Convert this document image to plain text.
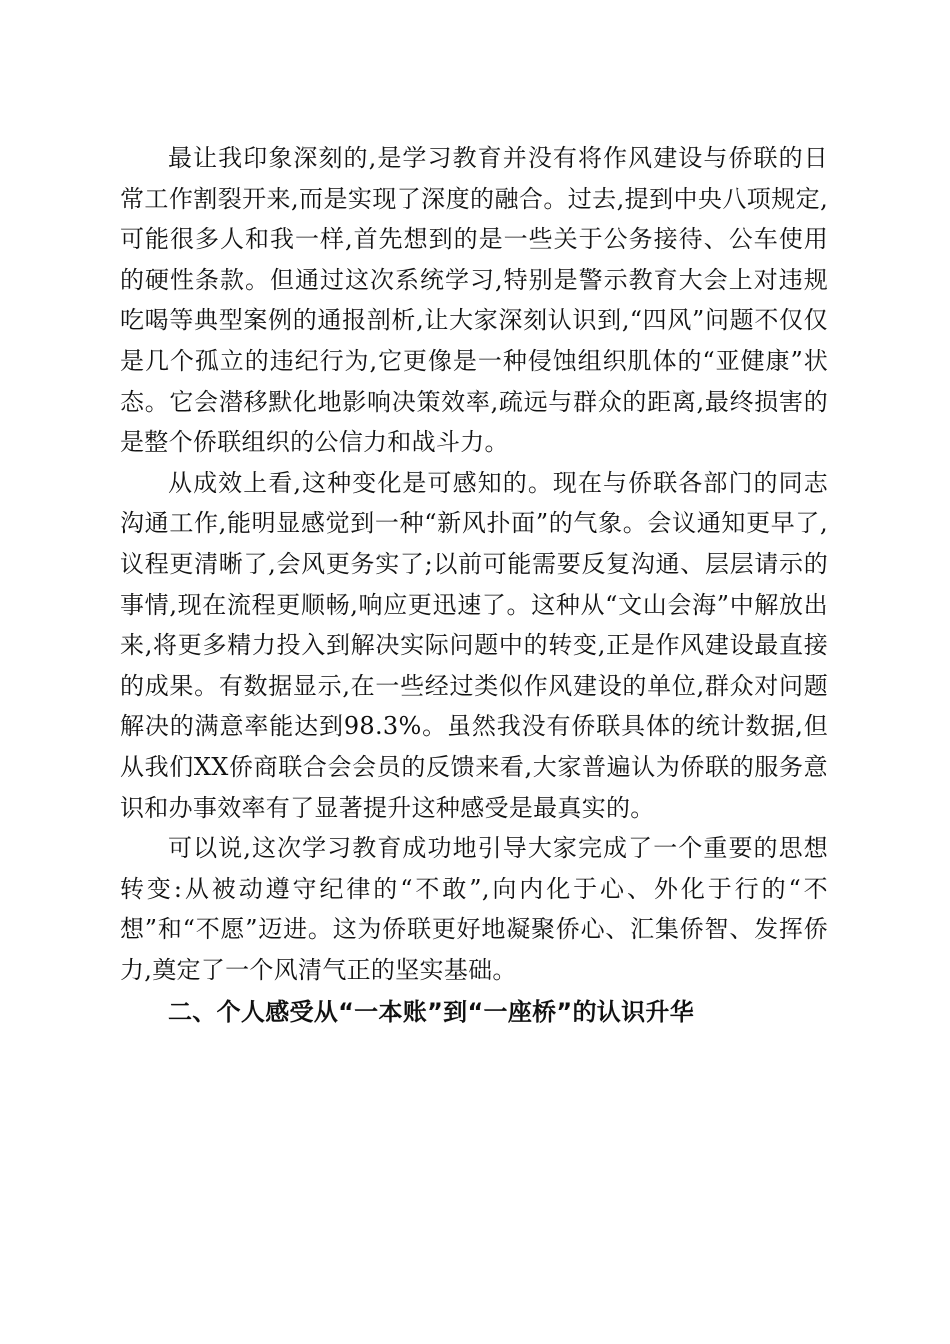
最让我印象深刻的,是学习教育并没有将作风建设与侨联的日常工作割裂开来,而是实现了深度的融合。过去,提到中央八项规定,可能很多人和我一样,首先想到的是一些关于公务接待、公车使用的硬性条款。但通过这次系统学习,特别是警示教育大会上对违规吃喝等典型案例的通报剖析,让大家深刻认识到,“四风”问题不仅仅是几个孤立的违纪行为,它更像是一种侵蚀组织肌体的“亚健康”状态。它会潜移默化地影响决策效率,疏远与群众的距离,最终损害的是整个侨联组织的公信力和战斗力。

从成效上看,这种变化是可感知的。现在与侨联各部门的同志沟通工作,能明显感觉到一种“新风扑面”的气象。会议通知更早了,议程更清晰了,会风更务实了;以前可能需要反复沟通、层层请示的事情,现在流程更顺畅,响应更迅速了。这种从“文山会海”中解放出来,将更多精力投入到解决实际问题中的转变,正是作风建设最直接的成果。有数据显示,在一些经过类似作风建设的单位,群众对问题解决的满意率能达到98.3%。虽然我没有侨联具体的统计数据,但从我们XX侨商联合会会员的反馈来看,大家普遍认为侨联的服务意识和办事效率有了显著提升这种感受是最真实的。

可以说,这次学习教育成功地引导大家完成了一个重要的思想转变:从被动遵守纪律的“不敢”,向内化于心、外化于行的“不想”和“不愿”迈进。这为侨联更好地凝聚侨心、汇集侨智、发挥侨力,奠定了一个风清气正的坚实基础。

二、个人感受从“一本账”到“一座桥”的认识升华
